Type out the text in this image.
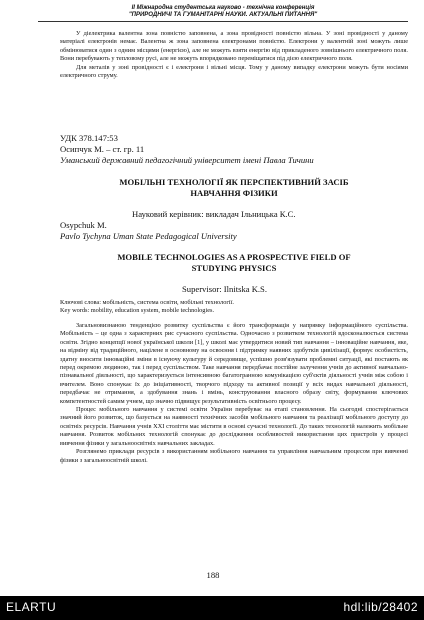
ІІ Міжнародна студентська науково - технічна конференція
"ПРИРОДНИЧІ ТА ГУМАНІТАРНІ НАУКИ. АКТУАЛЬНІ ПИТАННЯ"

У діелектрика валентна зона повністю заповнена, а зона провідності повністю вільна. У зоні провідності у даному матеріалі електронів немає. Валентна ж зона заповнена електронами повністю. Електрони у валентній зоні можуть лише обмінюватися один з одним місцями (енергією), але не можуть взяти енергію від прикладеного зовнішнього електричного поля. Вони перебувають у тепловому русі, але не можуть впорядковано переміщатися під дією електричного поля.

Для металів у зоні провідності є і електрони і вільні місця. Тому у даному випадку електрони можуть бути носіями електричного струму.

УДК 378.147:53
Осипчук М. – ст. гр. 11
Уманський державний педагогічний університет імені Павла Тичини
МОБІЛЬНІ ТЕХНОЛОГІЇ ЯК ПЕРСПЕКТИВНИЙ ЗАСІБ
НАВЧАННЯ ФІЗИКИ
Науковий керівник: викладач Ільницька К.С.
Osypchuk M.
Pavlo Tychyna Uman State Pedagogical University
MOBILE TECHNOLOGIES AS A PROSPECTIVE FIELD OF
STUDYING PHYSICS
Supervisor: Ilnitska K.S.
Ключові слова: мобільність, система освіти, мобільні технології.
Key words: mobility, education system, mobile technologies.

Загальновизнаною тенденцією розвитку суспільства є його трансформація у напрямку інформаційного суспільства. Мобільність – це одна з характерних рис сучасного суспільства. Одночасно з розвитком технологій вдосконалюється система освіти. Згідно концепції нової української школи [1], у школі має утвердитися новий тип навчання – інноваційне навчання, яке, на відміну від традиційного, націлене в основному на освоєння і підтримку наявних здобутків цивілізації, формує особистість, здатну вносити інноваційні зміни в існуючу культуру й середовище, успішно розв'язувати проблемні ситуації, які постають як перед окремою людиною, так і перед суспільством. Таке навчання передбачає постійне залучення учнів до активної навчально-пізнавальної діяльності, що характеризується інтенсивною багатогранною комунікацією суб'єктів діяльності учнів між собою і вчителем. Воно спонукає їх до ініціативності, творчого підходу та активної позиції у всіх видах навчальної діяльності, передбачає не отримання, а здобування знань і вмінь, конструювання власного образу світу, формування ключових компетентностей самим учнем, що значно підвищує результативність освітнього процесу.

Процес мобільного навчання у системі освіти України перебуває на етапі становлення. На сьогодні спостерігається значний його розвиток, що базується на наявності технічних засобів мобільного навчання та реалізації мобільного доступу до освітніх ресурсів. Навчання учнів XXI століття має містити в основі сучасні технології. До таких технологій належить мобільне навчання. Розвиток мобільних технологій спонукає до дослідження особливостей використання цих пристроїв у процесі вивчення фізики у загальноосвітніх навчальних закладах.

Розглянемо приклади ресурсів з використанням мобільного навчання та управління навчальним процесом при вивченні фізики з загальноосвітній школі.

188
ELARTU	hdl:lib/28402
